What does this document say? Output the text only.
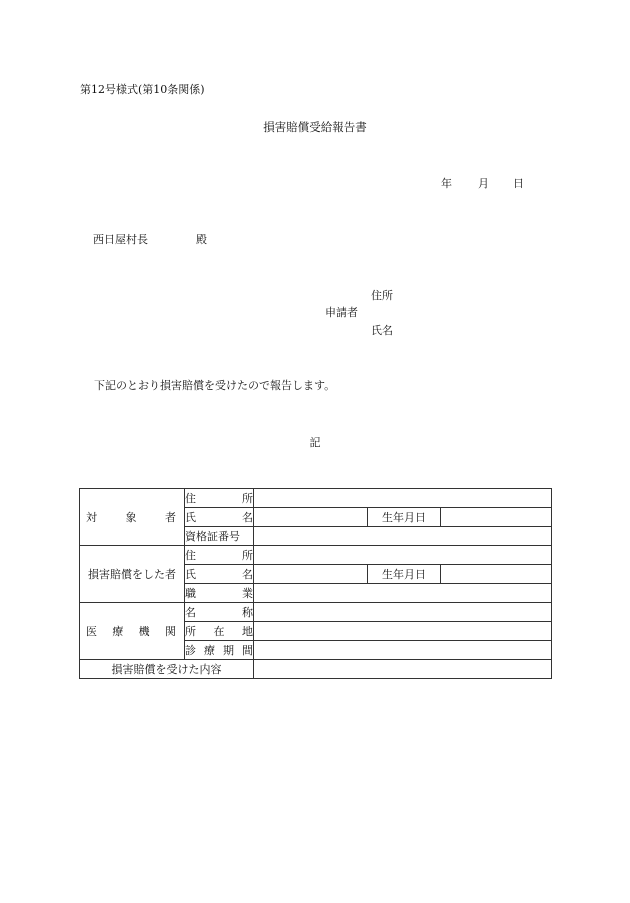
第12号様式(第10条関係)
損害賠償受給報告書
年 月 日
西日屋村長	殿
住所
申請者
氏名
下記のとおり損害賠償を受けたので報告します。
記
対 象 者	住 所			

	氏 名		生年月日	
	資格証番号			
損害賠償をした者	住 所			

	氏 名		生年月日	

	職 業			

医 療 機 関	名 称			

	所 在 地			

	診 療 期 間			

損害賠償を受けた内容				
